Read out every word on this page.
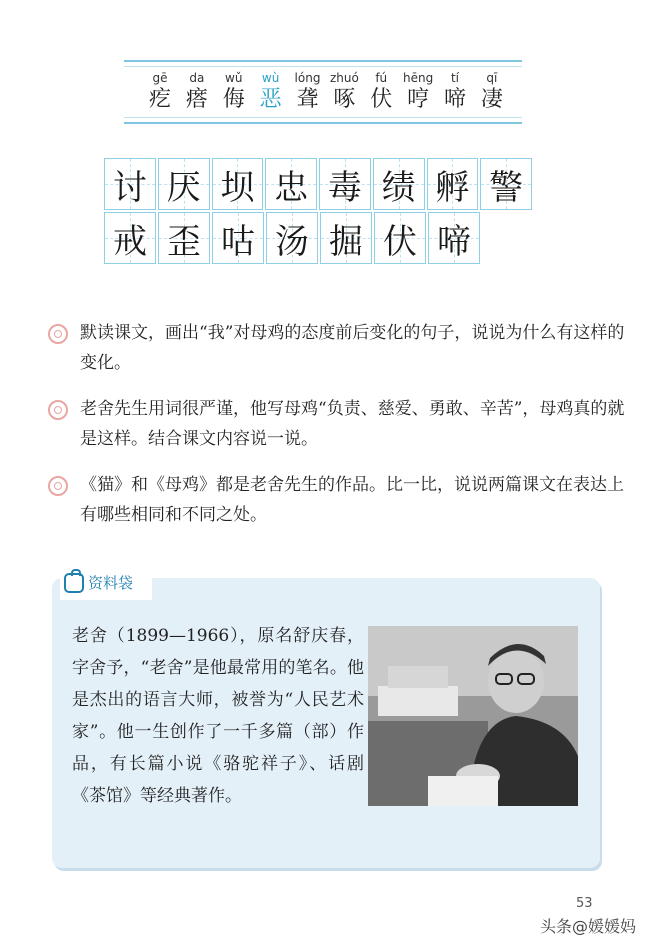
gē
疙
da
瘩
wǔ
侮
wù
恶
lóng
聋
zhuó
啄
fú
伏
hēng
哼
tí
啼
qī
凄
讨 厌 坝 忠 毒 绩 孵 警
戒 歪 咕 汤 掘 伏 啼
默读课文，画出“我”对母鸡的态度前后变化的句子，说说为什么有这样的变化。
老舍先生用词很严谨，他写母鸡“负责、慈爱、勇敢、辛苦”，母鸡真的就是这样。结合课文内容说一说。
《猫》和《母鸡》都是老舍先生的作品。比一比，说说两篇课文在表达上有哪些相同和不同之处。
资料袋
老舍（1899—1966），原名舒庆春，字舍予，“老舍”是他最常用的笔名。他是杰出的语言大师，被誉为“人民艺术家”。他一生创作了一千多篇（部）作品，有长篇小说《骆驼祥子》、话剧《茶馆》等经典著作。
53
头条@媛媛妈
